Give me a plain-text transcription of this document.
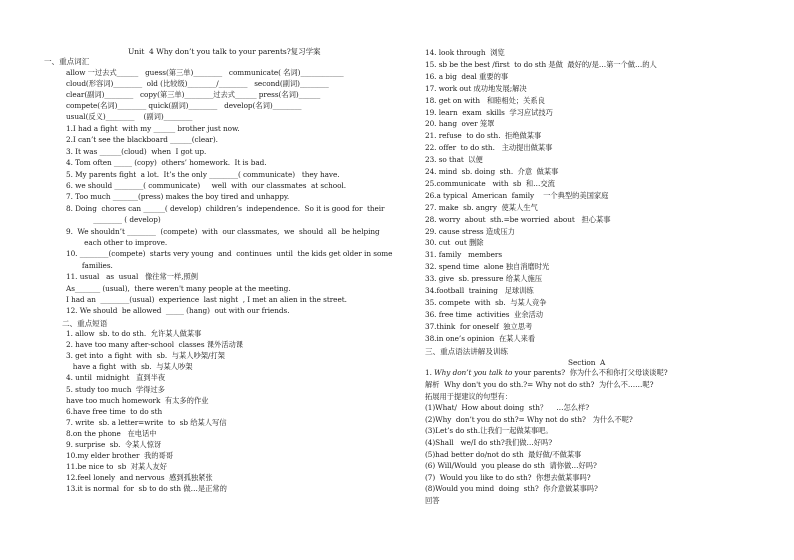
Unit  4 Why don’t you talk to your parents?复习学案
一、重点词汇
allow 一过去式______   guess(第三单)________   communicate( 名词)____________
cloud(形容词)________  old (比较级)________/________   second(副词)________
clear(副词)________   copy(第三单)________过去式______ press(名词)______
compete(名词)________ quick(副词)________   develop(名词)________
usual(反义)________    (副词)________
1.I had a fight  with my ______ brother just now.
2.I can’t see the blackboard ______(clear).
3. It was ______(cloud)  when  I got up.
4. Tom often _____ (copy)  others’ homework.  It is bad.
5. My parents fight  a lot.  It’s the only ________( communicate)   they have.
6. we should ________( communicate)     well  with  our classmates  at school.
7. Too much _______(press) makes the boy tired and unhappy.
8. Doing  chores can ______( develop)  children’s  independence.  So it is good for  their
________ ( develop)
9.  We shouldn’t ________  (compete)  with  our classmates,  we  should  all  be helping
each other to improve.
10. ________(compete)  starts very young  and  continues  until  the kids get older in some
families.
11. usual   as  usual   像往常一样,照例
As_______ (usual),  there weren't many people at the meeting.
I had an  ________(usual)  experience  last night  , I met an alien in the street.
12. We should  be allowed  _____ (hang)  out with our friends.
二、重点短语
1. allow  sb. to do sth.  允许某人做某事
2. have too many after-school  classes 课外活动课
3. get into  a fight  with  sb.  与某人吵架/打架
have a fight  with  sb.  与某人吵架
4. until  midnight   直到半夜
5. study too much  学得过多
have too much homework  有太多的作业
6.have free time  to do sth
7. write  sb. a letter=write  to  sb 给某人写信
8.on the phone   在电话中
9. surprise  sb.  令某人惊讶
10.my elder brother  我的哥哥
11.be nice to  sb  对某人友好
12.feel lonely  and nervous  感到孤独紧张
13.it is normal  for  sb to do sth 做…是正常的
14. look through  浏览
15. sb be the best /first  to do sth 是做  最好的/是…第一个做…的人
16. a big  deal 重要的事
17. work out 成功地发展;解决
18. get on with   和睦相处；关系良
19. learn  exam  skills  学习应试技巧
20. hang  over 笼罩
21. refuse  to do sth.  拒绝做某事
22. offer  to do sth.   主动提出做某事
23. so that  以便
24. mind  sb. doing  sth.  介意  做某事
25.communicate   with  sb  和…交流
26.a typical  American  family    一个典型的美国家庭
27. make  sb. angry  使某人生气
28. worry  about  sth.=be worried  about   担心某事
29. cause stress 造成压力
30. cut  out 删除
31. family   members
32. spend time  alone 独自消磨时光
33. give  sb. pressure 给某人施压
34.football  training   足球训练
35. compete  with  sb.  与某人竞争
36. free time  activities  业余活动
37.think  for oneself  独立思考
38.in one’s opinion  在某人来看
三、重点语法讲解及训练
Section  A
1. Why don’t you talk to your parents?  你为什么不和你打父母谈谈呢?
解析  Why don't you do sth.?= Why not do sth?  为什么不……呢?
拓展用于提建议的句型有：
(1)What/  How about doing  sth？    …怎么样?
(2)Why  don’t you do sth?= Why not do sth?   为什么不呢?
(3)Let’s do sth.让我们一起做某事吧。
(4)Shall   we/I do sth?我们做…好吗?
(5)had better do/not do sth  最好做/不做某事
(6) Will/Would  you please do sth  请你做…好吗?
(7)  Would you like to do sth?  你想去做某事吗?
(8)Would you mind  doing  sth?  你介意做某事吗?
回答
